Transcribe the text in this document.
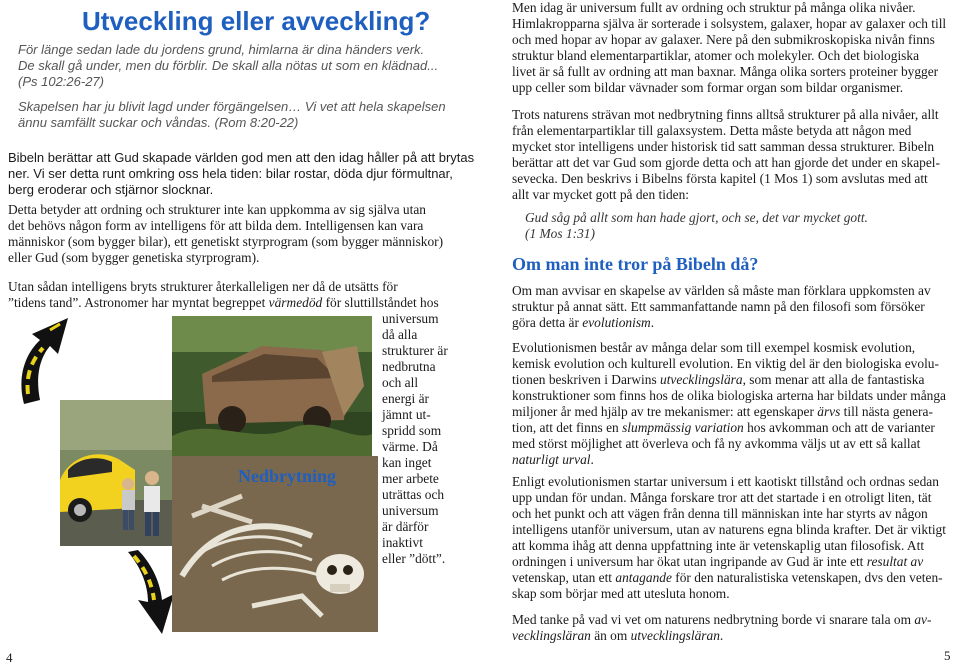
Utveckling eller avveckling?
För länge sedan lade du jordens grund, himlarna är dina händers verk.
De skall gå under, men du förblir. De skall alla nötas ut som en klädnad...
(Ps 102:26-27)
Skapelsen har ju blivit lagd under förgängelsen… Vi vet att hela skapelsen
ännu samfällt suckar och våndas. (Rom 8:20-22)
Bibeln berättar att Gud skapade världen god men att den idag håller på att brytas
ner. Vi ser detta runt omkring oss hela tiden: bilar rostar, döda djur förmultnar,
berg eroderar och stjärnor slocknar.
Detta betyder att ordning och strukturer inte kan uppkomma av sig själva utan
det behövs någon form av intelligens för att bilda dem. Intelligensen kan vara
människor (som bygger bilar), ett genetiskt styrprogram (som bygger människor)
eller Gud (som bygger genetiska styrprogram).
Utan sådan intelligens bryts strukturer återkalleligen ner då de utsätts för
”tidens tand”. Astronomer har myntat begreppet värmedöd för sluttillståndet hos
universum
då alla
strukturer är
nedbrutna
och all
energi är
jämnt ut-
spridd som
värme. Då
kan inget
mer arbete
uträttas och
universum
är därför
inaktivt
eller ”dött”.
Nedbrytning
4
Men idag är universum fullt av ordning och struktur på många olika nivåer.
Himlakropparna själva är sorterade i solsystem, galaxer, hopar av galaxer och till
och med hopar av hopar av galaxer. Nere på den submikroskopiska nivån finns
struktur bland elementarpartiklar, atomer och molekyler. Och det biologiska
livet är så fullt av ordning att man baxnar. Många olika sorters proteiner bygger
upp celler som bildar vävnader som formar organ som bildar organismer.
Trots naturens strävan mot nedbrytning finns alltså strukturer på alla nivåer, allt
från elementarpartiklar till galaxsystem. Detta måste betyda att någon med
mycket stor intelligens under historisk tid satt samman dessa strukturer. Bibeln
berättar att det var Gud som gjorde detta och att han gjorde det under en skapel-
sevecka. Den beskrivs i Bibelns första kapitel (1 Mos 1) som avslutas med att
allt var mycket gott på den tiden:
Gud såg på allt som han hade gjort, och se, det var mycket gott.
(1 Mos 1:31)
Om man inte tror på Bibeln då?
Om man avvisar en skapelse av världen så måste man förklara uppkomsten av
struktur på annat sätt. Ett sammanfattande namn på den filosofi som försöker
göra detta är evolutionism.
Evolutionismen består av många delar som till exempel kosmisk evolution,
kemisk evolution och kulturell evolution. En viktig del är den biologiska evolu-
tionen beskriven i Darwins utvecklingslära, som menar att alla de fantastiska
konstruktioner som finns hos de olika biologiska arterna har bildats under många
miljoner år med hjälp av tre mekanismer: att egenskaper ärvs till nästa genera-
tion, att det finns en slumpmässig variation hos avkomman och att de varianter
med störst möjlighet att överleva och få ny avkomma väljs ut av ett så kallat
naturligt urval.
Enligt evolutionismen startar universum i ett kaotiskt tillstånd och ordnas sedan
upp undan för undan. Många forskare tror att det startade i en otroligt liten, tät
och het punkt och att vägen från denna till människan inte har styrts av någon
intelligens utanför universum, utan av naturens egna blinda krafter. Det är viktigt
att komma ihåg att denna uppfattning inte är vetenskaplig utan filosofisk. Att
ordningen i universum har ökat utan ingripande av Gud är inte ett resultat av
vetenskap, utan ett antagande för den naturalistiska vetenskapen, dvs den veten-
skap som börjar med att utesluta honom.
Med tanke på vad vi vet om naturens nedbrytning borde vi snarare tala om av-
vecklingsläran än om utvecklingsläran.
5
